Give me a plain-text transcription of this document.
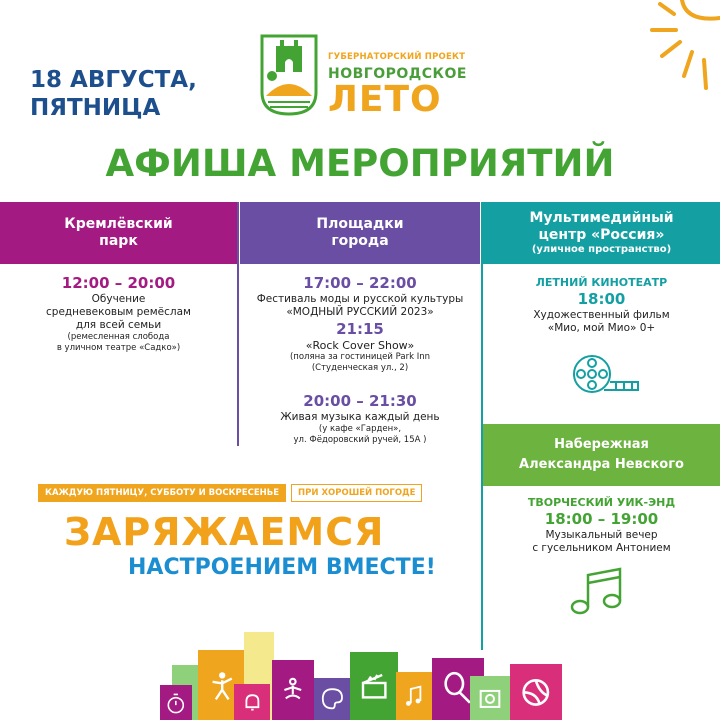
18 АВГУСТА,
ПЯТНИЦА
ГУБЕРНАТОРСКИЙ ПРОЕКТ
НОВГОРОДСКОЕ
ЛЕТО
АФИША МЕРОПРИЯТИЙ
Кремлёвский
парк
Площадки
города
Мультимедийный
центр «Россия»
(уличное пространство)
12:00 – 20:00
Обучение
средневековым ремёслам
для всей семьи
(ремесленная слобода
в уличном театре «Садко»)
17:00 – 22:00
Фестиваль моды и русской культуры
«МОДНЫЙ РУССКИЙ 2023»
21:15
«Rock Cover Show»
(поляна за гостиницей Park Inn
(Студенческая ул., 2)
20:00 – 21:30
Живая музыка каждый день
(у кафе «Гарден»,
ул. Фёдоровский ручей, 15А )
ЛЕТНИЙ КИНОТЕАТР
18:00
Художественный фильм
«Мио, мой Мио» 0+
Набережная
Александра Невского
ТВОРЧЕСКИЙ УИК-ЭНД
18:00 – 19:00
Музыкальный вечер
с гусельником Антонием
КАЖДУЮ ПЯТНИЦУ, СУББОТУ И ВОСКРЕСЕНЬЕ	ПРИ ХОРОШЕЙ ПОГОДЕ
ЗАРЯЖАЕМСЯ
НАСТРОЕНИЕМ ВМЕСТЕ!
